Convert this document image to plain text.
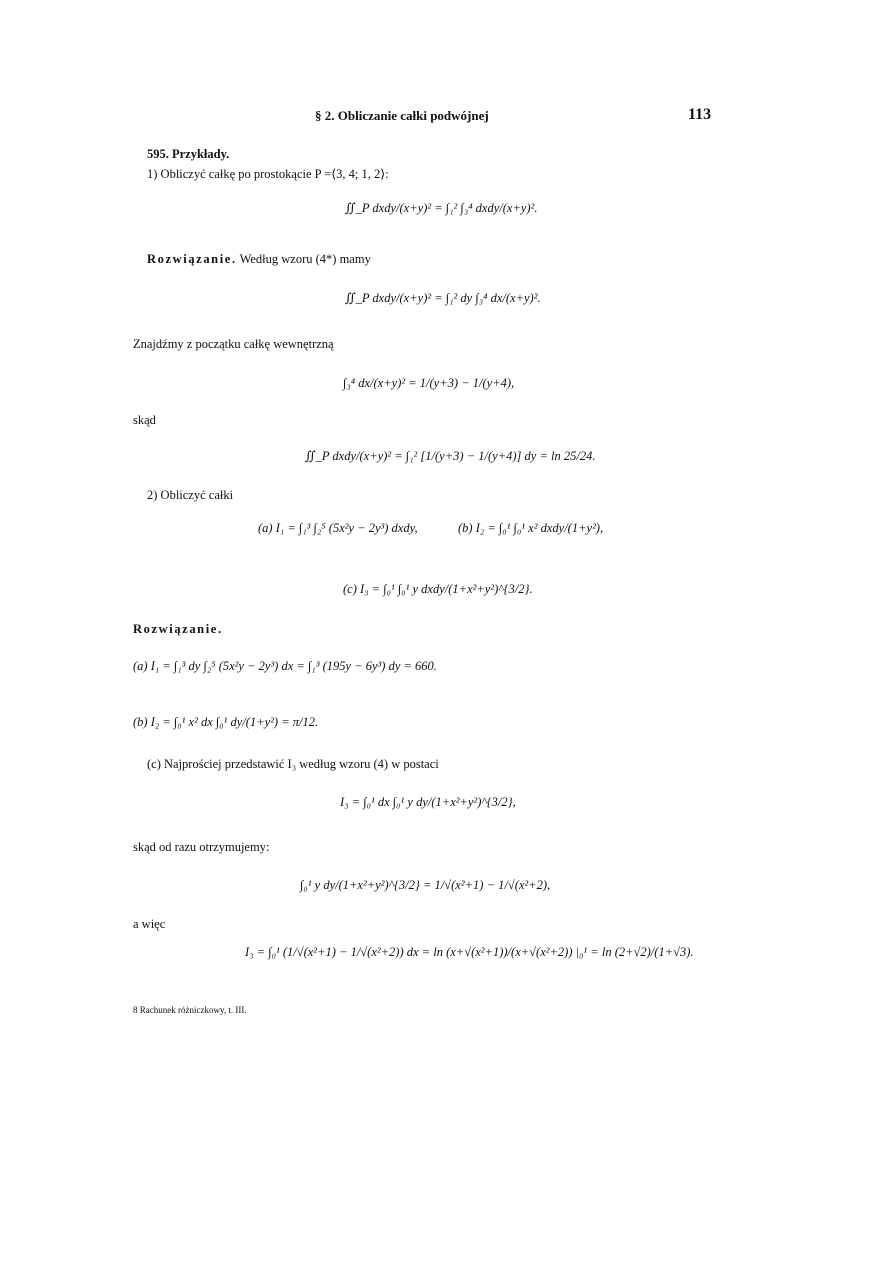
§ 2. Obliczanie całki podwójnej	113
595. Przykłady.
1) Obliczyć całkę po prostokącie P =⟨3, 4; 1, 2⟩:
∬_P dxdy/(x+y)² = ∫₁² ∫₃⁴ dxdy/(x+y)².
Rozwiązanie. Według wzoru (4*) mamy
∬_P dxdy/(x+y)² = ∫₁² dy ∫₃⁴ dx/(x+y)².
Znajdźmy z początku całkę wewnętrzną
∫₃⁴ dx/(x+y)² = 1/(y+3) − 1/(y+4),
skąd
∬_P dxdy/(x+y)² = ∫₁² [1/(y+3) − 1/(y+4)] dy = ln 25/24.
2) Obliczyć całki
(a) I₁ = ∫₁³ ∫₂⁵ (5x²y − 2y³) dxdy,	(b) I₂ = ∫₀¹ ∫₀¹ x² dxdy/(1+y²),
(c) I₃ = ∫₀¹ ∫₀¹ y dxdy/(1+x²+y²)^{3/2}.
Rozwiązanie.
(a) I₁ = ∫₁³ dy ∫₂⁵ (5x²y − 2y³) dx = ∫₁³ (195y − 6y³) dy = 660.
(b) I₂ = ∫₀¹ x² dx ∫₀¹ dy/(1+y²) = π/12.
(c) Najprościej przedstawić I₃ według wzoru (4) w postaci
I₃ = ∫₀¹ dx ∫₀¹ y dy/(1+x²+y²)^{3/2},
skąd od razu otrzymujemy:
∫₀¹ y dy/(1+x²+y²)^{3/2} = 1/√(x²+1) − 1/√(x²+2),
a więc
I₃ = ∫₀¹ (1/√(x²+1) − 1/√(x²+2)) dx = ln (x+√(x²+1))/(x+√(x²+2)) |₀¹ = ln (2+√2)/(1+√3).
8 Rachunek różniczkowy, t. III.
